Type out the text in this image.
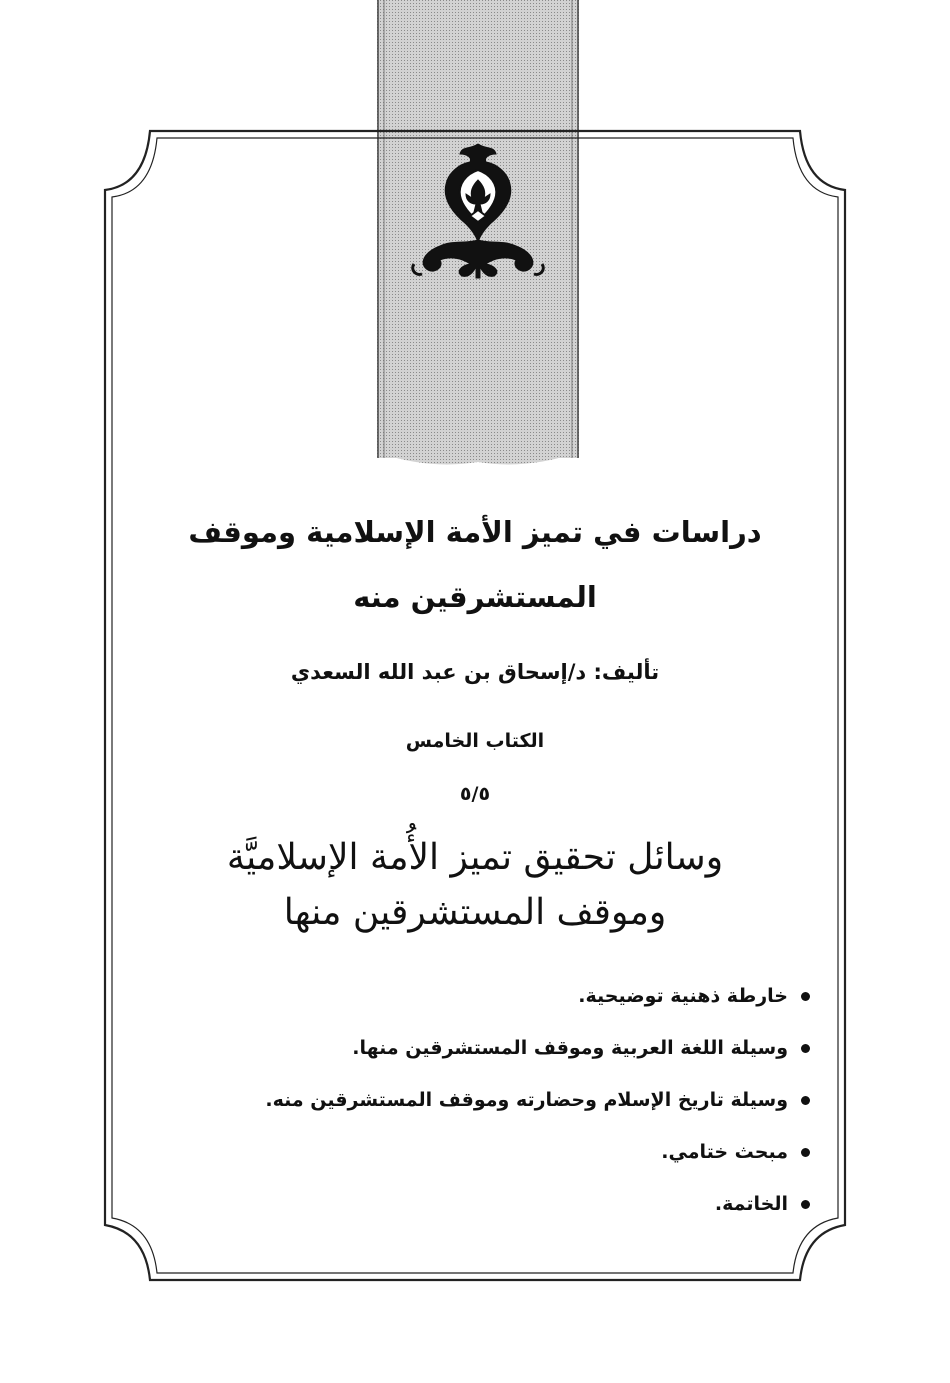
دراسات في تميز الأمة الإسلامية وموقف
المستشرقين منه
تأليف: د/إسحاق بن عبد الله السعدي
الكتاب الخامس
٥/٥
وسائل تحقيق تميز الأُمة الإسلاميَّة
وموقف المستشرقين منها
خارطة ذهنية توضيحية.
وسيلة اللغة العربية وموقف المستشرقين منها.
وسيلة تاريخ الإسلام وحضارته وموقف المستشرقين منه.
مبحث ختامي.
الخاتمة.
